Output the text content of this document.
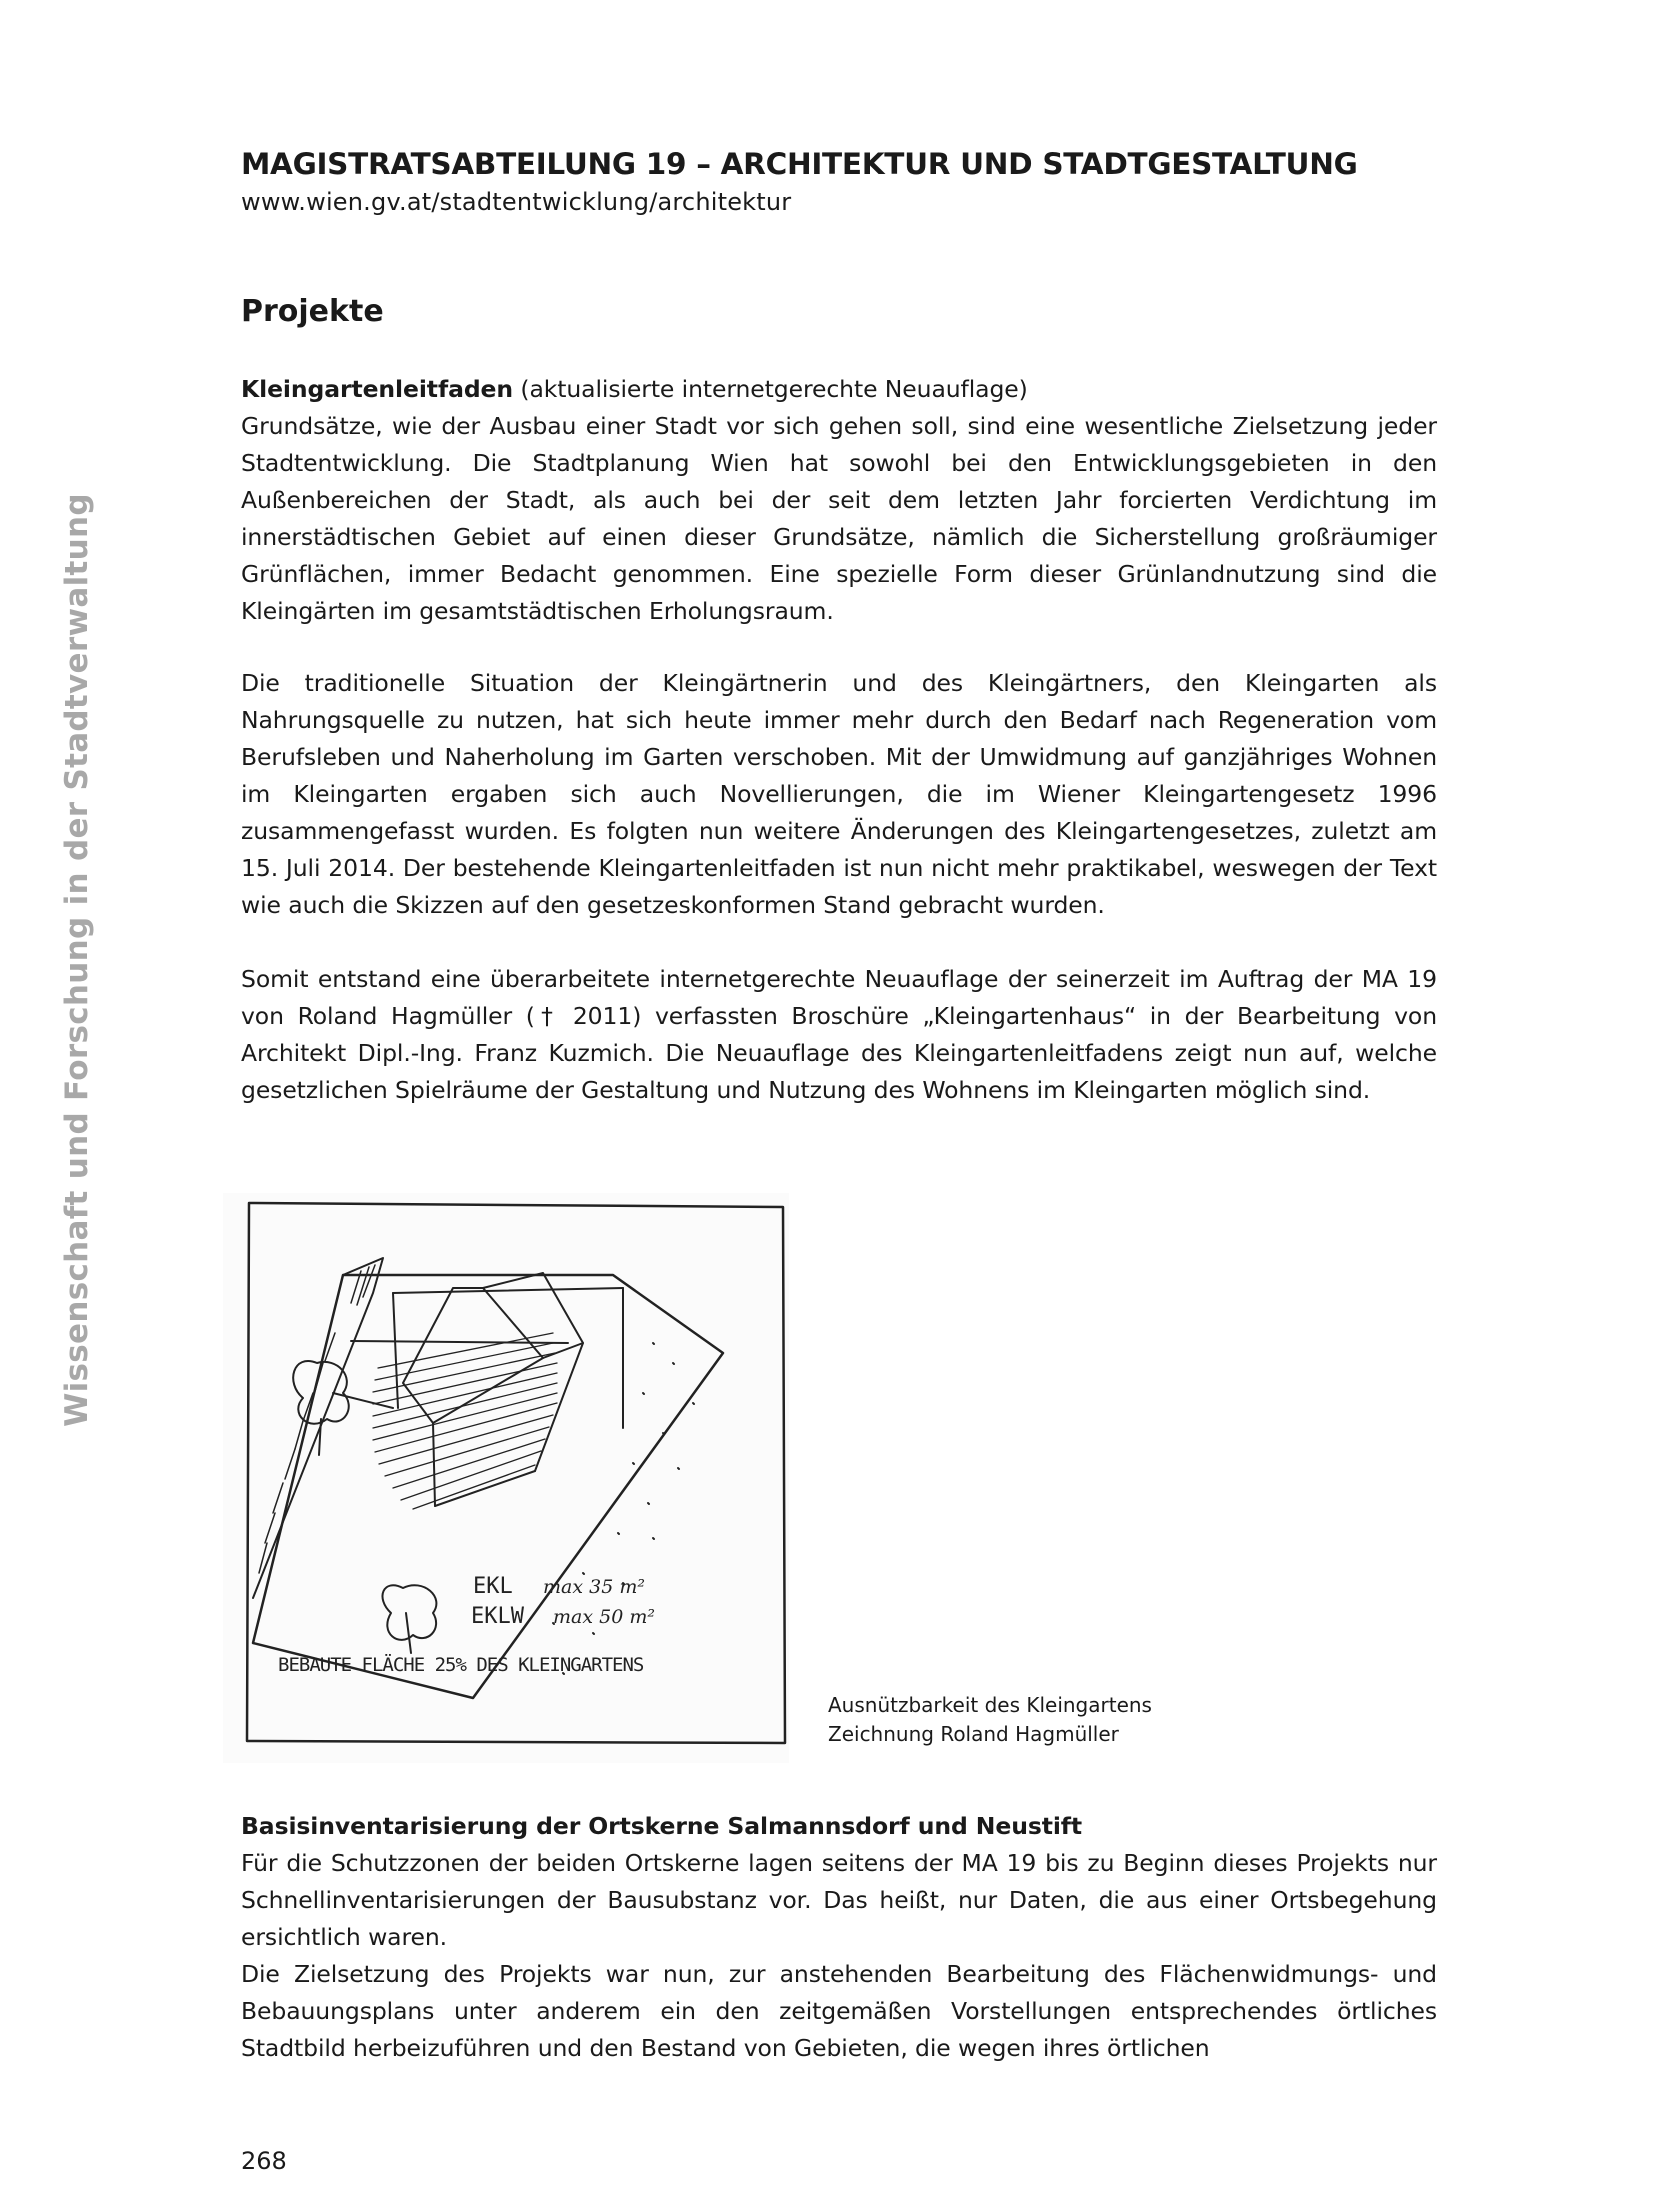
Wissenschaft und Forschung in der Stadtverwaltung
MAGISTRATSABTEILUNG 19 – ARCHITEKTUR UND STADTGESTALTUNG
www.wien.gv.at/stadtentwicklung/architektur
Projekte

Kleingartenleitfaden (aktualisierte internetgerechte Neuauflage)
Grundsätze, wie der Ausbau einer Stadt vor sich gehen soll, sind eine wesentliche Zielsetzung jeder Stadtentwicklung. Die Stadtplanung Wien hat sowohl bei den Entwicklungsgebieten in den Außenbereichen der Stadt, als auch bei der seit dem letzten Jahr forcierten Verdichtung im innerstädtischen Gebiet auf einen dieser Grundsätze, nämlich die Sicherstellung großräumiger Grünflächen, immer Bedacht genommen. Eine spezielle Form dieser Grünlandnutzung sind die Kleingärten im gesamtstädtischen Erholungsraum.

Die traditionelle Situation der Kleingärtnerin und des Kleingärtners, den Kleingarten als Nahrungsquelle zu nutzen, hat sich heute immer mehr durch den Bedarf nach Regeneration vom Berufsleben und Naherholung im Garten verschoben. Mit der Umwidmung auf ganzjähriges Wohnen im Kleingarten ergaben sich auch Novellierungen, die im Wiener Kleingartengesetz 1996 zusammengefasst wurden. Es folgten nun weitere Änderungen des Kleingartengesetzes, zuletzt am 15. Juli 2014. Der bestehende Kleingartenleitfaden ist nun nicht mehr praktikabel, weswegen der Text wie auch die Skizzen auf den gesetzeskonformen Stand gebracht wurden.

Somit entstand eine überarbeitete internetgerechte Neuauflage der seinerzeit im Auftrag der MA 19 von Roland Hagmüller († 2011) verfassten Broschüre „Kleingartenhaus“ in der Bearbeitung von Architekt Dipl.-Ing. Franz Kuzmich. Die Neuauflage des Kleingartenleitfadens zeigt nun auf, welche gesetzlichen Spielräume der Gestaltung und Nutzung des Wohnens im Kleingarten möglich sind.

Basisinventarisierung der Ortskerne Salmannsdorf und Neustift
Für die Schutzzonen der beiden Ortskerne lagen seitens der MA 19 bis zu Beginn dieses Projekts nur Schnellinventarisierungen der Bausubstanz vor. Das heißt, nur Daten, die aus einer Ortsbegehung ersichtlich waren.
Die Zielsetzung des Projekts war nun, zur anstehenden Bearbeitung des Flächenwidmungs- und Bebauungsplans unter anderem ein den zeitgemäßen Vorstellungen entsprechendes örtliches Stadtbild herbeizuführen und den Bestand von Gebieten, die wegen ihres örtlichen

EKL max 35 m²
EKLW max 50 m²
BEBAUTE FLÄCHE 25% DES KLEINGARTENS
Ausnützbarkeit des Kleingartens
Zeichnung Roland Hagmüller
268
